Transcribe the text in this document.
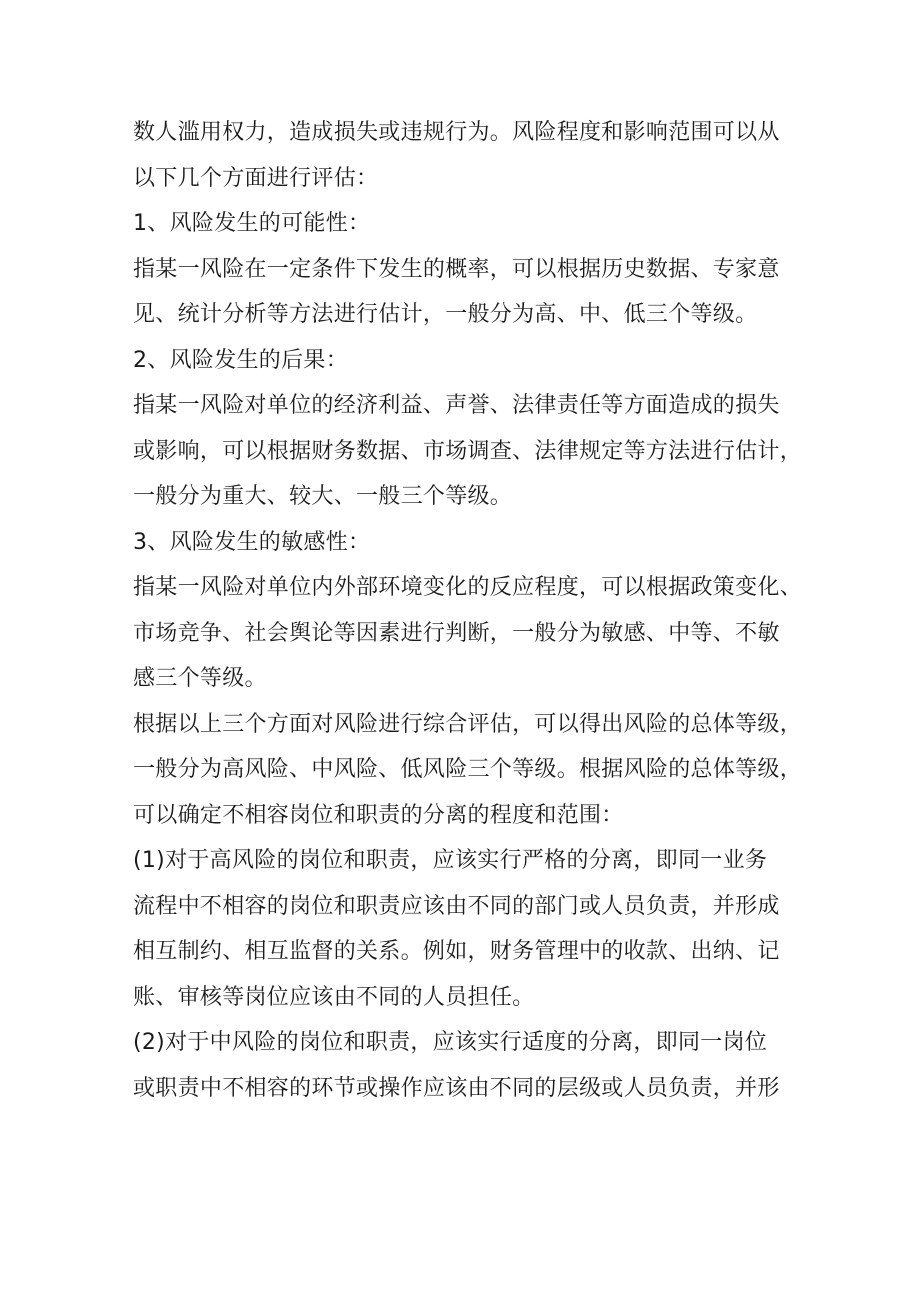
数人滥用权力，造成损失或违规行为。风险程度和影响范围可以从
以下几个方面进行评估：
1、风险发生的可能性：
指某一风险在一定条件下发生的概率，可以根据历史数据、专家意
见、统计分析等方法进行估计，一般分为高、中、低三个等级。
2、风险发生的后果：
指某一风险对单位的经济利益、声誉、法律责任等方面造成的损失
或影响，可以根据财务数据、市场调查、法律规定等方法进行估计，
一般分为重大、较大、一般三个等级。
3、风险发生的敏感性：
指某一风险对单位内外部环境变化的反应程度，可以根据政策变化、
市场竞争、社会舆论等因素进行判断，一般分为敏感、中等、不敏
感三个等级。
根据以上三个方面对风险进行综合评估，可以得出风险的总体等级，
一般分为高风险、中风险、低风险三个等级。根据风险的总体等级，
可以确定不相容岗位和职责的分离的程度和范围：
(1)对于高风险的岗位和职责，应该实行严格的分离，即同一业务
流程中不相容的岗位和职责应该由不同的部门或人员负责，并形成
相互制约、相互监督的关系。例如，财务管理中的收款、出纳、记
账、审核等岗位应该由不同的人员担任。
(2)对于中风险的岗位和职责，应该实行适度的分离，即同一岗位
或职责中不相容的环节或操作应该由不同的层级或人员负责，并形
